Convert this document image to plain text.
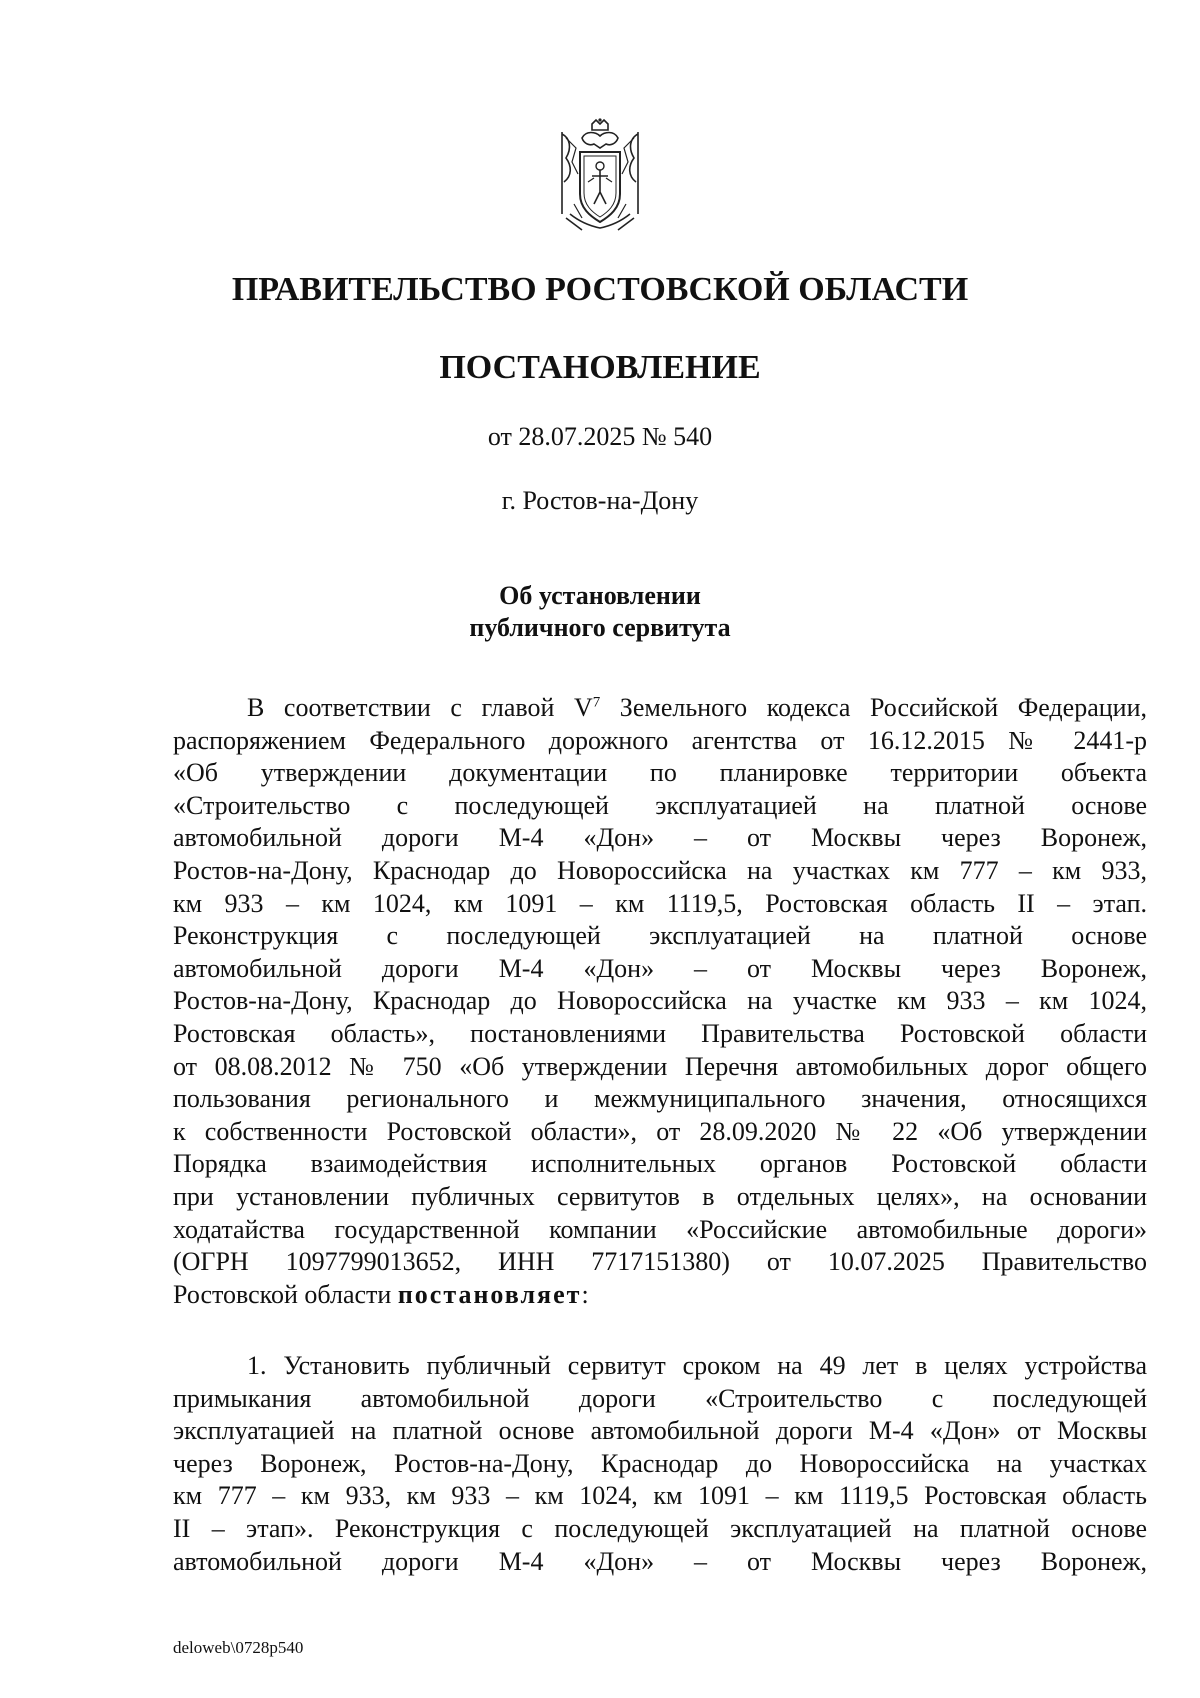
ПРАВИТЕЛЬСТВО РОСТОВСКОЙ ОБЛАСТИ
ПОСТАНОВЛЕНИЕ
от 28.07.2025 № 540
г. Ростов-на-Дону
Об установлении
публичного сервитута
В соответствии с главой $V^7$ Земельного кодекса Российской Федерации,
распоряжением Федерального дорожного агентства от 16.12.2015 № 2441-р
«Об утверждении документации по планировке территории объекта
«Строительство с последующей эксплуатацией на платной основе
автомобильной дороги М-4 «Дон» – от Москвы через Воронеж,
Ростов-на-Дону, Краснодар до Новороссийска на участках км 777 – км 933,
км 933 – км 1024, км 1091 – км 1119,5, Ростовская область II – этап.
Реконструкция с последующей эксплуатацией на платной основе
автомобильной дороги М-4 «Дон» – от Москвы через Воронеж,
Ростов-на-Дону, Краснодар до Новороссийска на участке км 933 – км 1024,
Ростовская область», постановлениями Правительства Ростовской области
от 08.08.2012 № 750 «Об утверждении Перечня автомобильных дорог общего
пользования регионального и межмуниципального значения, относящихся
к собственности Ростовской области», от 28.09.2020 № 22 «Об утверждении
Порядка взаимодействия исполнительных органов Ростовской области
при установлении публичных сервитутов в отдельных целях», на основании
ходатайства государственной компании «Российские автомобильные дороги»
(ОГРН 1097799013652, ИНН 7717151380) от 10.07.2025 Правительство
Ростовской области постановляет:
1. Установить публичный сервитут сроком на 49 лет в целях устройства
примыкания автомобильной дороги «Строительство с последующей
эксплуатацией на платной основе автомобильной дороги М-4 «Дон» от Москвы
через Воронеж, Ростов-на-Дону, Краснодар до Новороссийска на участках
км 777 – км 933, км 933 – км 1024, км 1091 – км 1119,5 Ростовская область
II – этап». Реконструкция с последующей эксплуатацией на платной основе
автомобильной дороги М-4 «Дон» – от Москвы через Воронеж,
deloweb\0728p540
